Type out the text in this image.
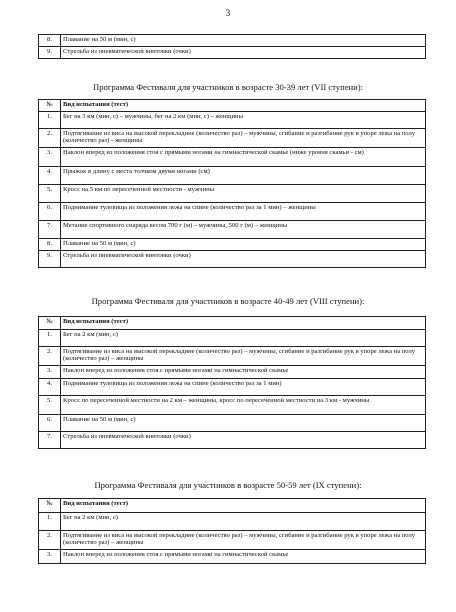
3
8.	Плавание на 50 м (мин, с)
9.	Стрельба из пневматической винтовки (очки)
Программа Фестиваля для участников в возрасте 30-39 лет (VII ступени):
№	Вид испытания (тест)
1.	Бег на 3 км (мин, с) – мужчины, бег на 2 км (мин, с) – женщины
2.	Подтягивание из виса на высокой перекладине (количество раз) – мужчины, сгибание и разгибание рук в упоре лежа на полу (количество раз) - женщины
3.	Наклон вперед из положения стоя с прямыми ногами на гимнастической скамье (ниже уровня скамьи - см)
4.	Прыжок в длину с места толчком двумя ногами (см)
5.	Кросс на 5 км по пересеченной местности - мужчины
6.	Поднимание туловища из положения лежа на спине (количество раз за 1 мин) – женщины
7.	Метание спортивного снаряда весом 700 г (м) – мужчины, 500 г (м) – женщины
8.	Плавание на 50 м (мин, с)
9.	Стрельба из пневматической винтовки (очки)
Программа Фестиваля для участников в возрасте 40-49 лет (VIII ступени):
№	Вид испытания (тест)
1.	Бег на 2 км (мин, с)
2.	Подтягивание из виса на высокой перекладине (количество раз) – мужчины, сгибание и разгибание рук в упоре лежа на полу (количество раз) – женщины
3.	Наклон вперед из положения стоя с прямыми ногами на гимнастической скамье
4.	Поднимание туловища из положения лежа на спине (количество раз за 1 мин)
5.	Кросс по пересеченной местности на 2 км – женщины, кросс по пересеченной местности на 3 км - мужчины
6.	Плавание на 50 м (мин, с)
7.	Стрельба из пневматической винтовки (очки)
Программа Фестиваля для участников в возрасте 50-59 лет (IX ступени):
№	Вид испытания (тест)
1.	Бег на 2 км (мин, с)
2.	Подтягивание из виса на высокой перекладине (количество раз) – мужчины, сгибание и разгибание рук в упоре лежа на полу (количество раз) – женщины
3.	Наклон вперед из положения стоя с прямыми ногами на гимнастической скамье
